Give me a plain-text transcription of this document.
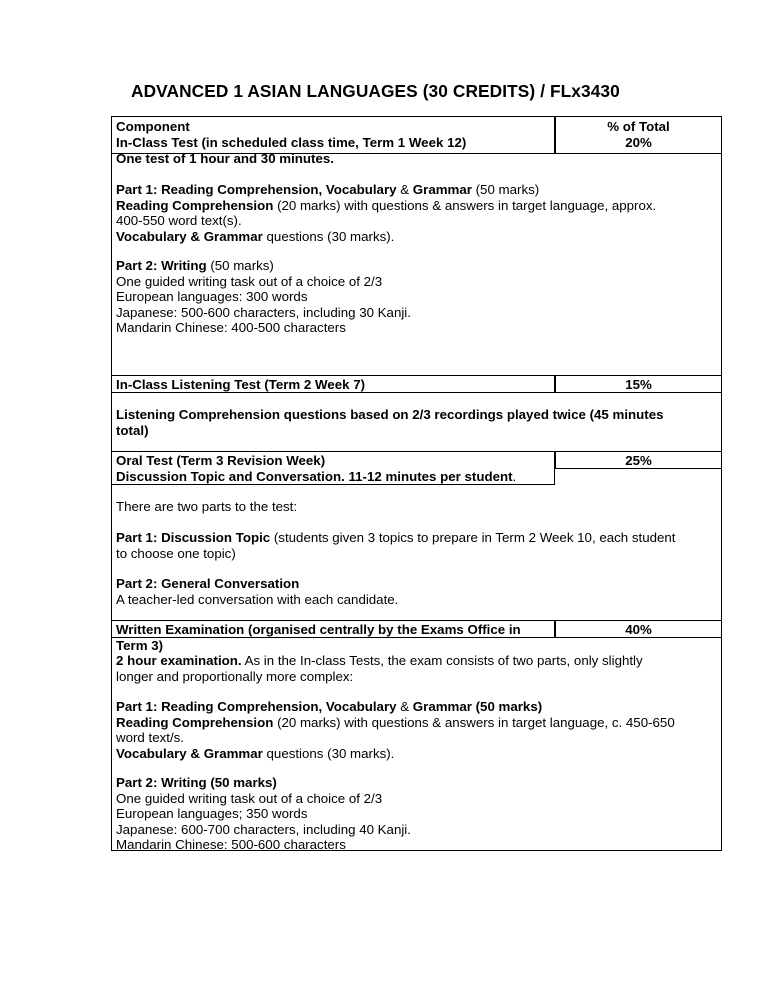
ADVANCED 1 ASIAN LANGUAGES (30 CREDITS) / FLx3430
Component
In-Class Test (in scheduled class time, Term 1 Week 12)
One test of 1 hour and 30 minutes.
% of Total
20%

Part 1: Reading Comprehension, Vocabulary & Grammar (50 marks)

Reading Comprehension (20 marks) with questions & answers in target language, approx.

400-550 word text(s).

Vocabulary & Grammar questions (30 marks).

Part 2: Writing (50 marks)

One guided writing task out of a choice of 2/3

European languages: 300 words

Japanese: 500-600 characters, including 30 Kanji.

Mandarin Chinese: 400-500 characters

In-Class Listening Test (Term 2 Week 7)	15%

Listening Comprehension questions based on 2/3 recordings played twice (45 minutes

total)

Oral Test (Term 3 Revision Week)
Discussion Topic and Conversation. 11-12 minutes per student.
25%
There are two parts to the test:

Part 1: Discussion Topic (students given 3 topics to prepare in Term 2 Week 10, each student

to choose one topic)

Part 2: General Conversation

A teacher-led conversation with each candidate.

Written Examination (organised centrally by the Exams Office in
Term 3)
40%

2 hour examination. As in the In-class Tests, the exam consists of two parts, only slightly

longer and proportionally more complex:

Part 1: Reading Comprehension, Vocabulary & Grammar (50 marks)

Reading Comprehension (20 marks) with questions & answers in target language, c. 450-650

word text/s.

Vocabulary & Grammar questions (30 marks).

Part 2: Writing (50 marks)

One guided writing task out of a choice of 2/3

European languages; 350 words

Japanese: 600-700 characters, including 40 Kanji.

Mandarin Chinese: 500-600 characters
